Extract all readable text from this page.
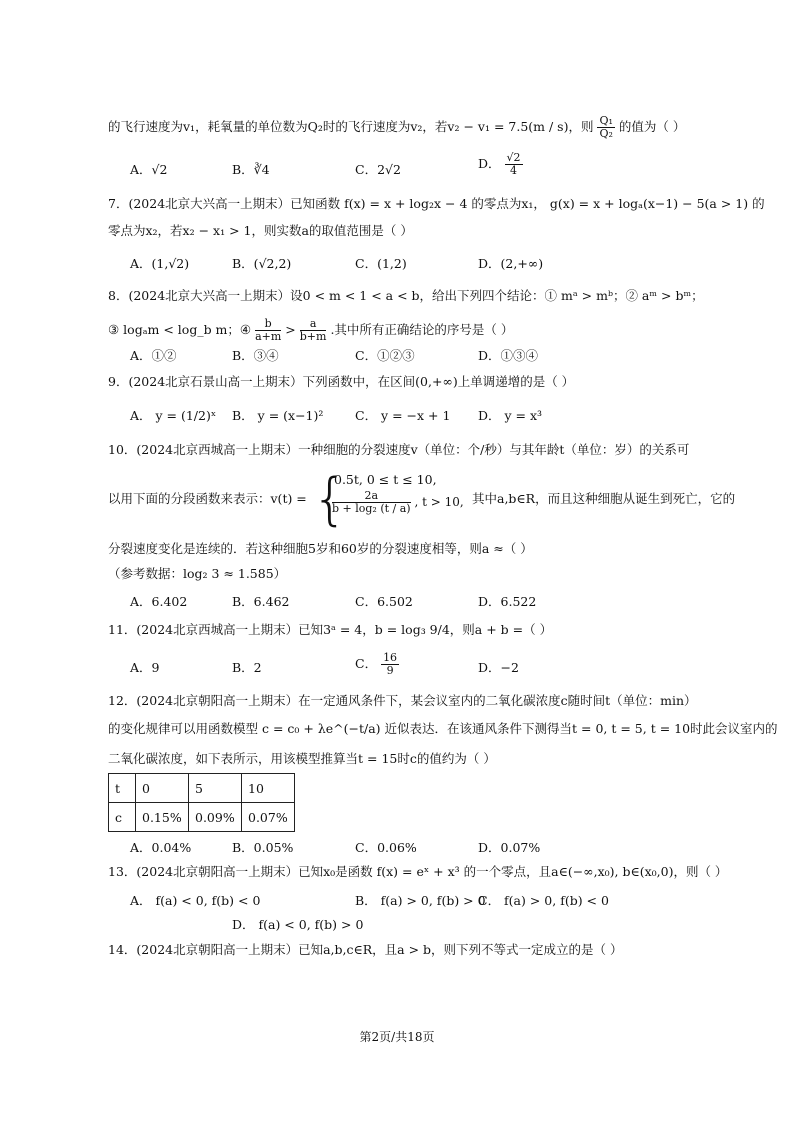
的飞行速度为v₁，耗氧量的单位数为Q₂时的飞行速度为v₂，若v₂ − v₁ = 7.5(m / s)，则 $\frac{\text{Q₁}}{\text{Q₂}}$ 的值为（ ）
A．√2	B．∛4	C．2√2	D． $\frac{√2}{4}$
7．(2024北京大兴高一上期末）已知函数 f(x) = x + log₂x − 4 的零点为x₁， g(x) = x + logₐ(x−1) − 5(a > 1) 的
零点为x₂，若x₂ − x₁ > 1，则实数a的取值范围是（ ）
A．(1,√2)	B．(√2,2)	C．(1,2)	D．(2,+∞)
8．(2024北京大兴高一上期末）设0 < m < 1 < a < b，给出下列四个结论：① mᵃ > mᵇ；② aᵐ > bᵐ；
③ logₐm < log_b m；④ $\frac{b}{a+m} > \frac{a}{b+m}$ .其中所有正确结论的序号是（ ）
A．①②	B．③④	C．①②③	D．①③④
9．(2024北京石景山高一上期末）下列函数中，在区间(0,+∞)上单调递增的是（ ）
A． y = (1/2)ˣ B． y = (x−1)²	C． y = −x + 1 D． y = x³
10．(2024北京西城高一上期末）一种细胞的分裂速度v（单位：个/秒）与其年龄t（单位：岁）的关系可
以用下面的分段函数来表示：v(t) = {
0.5t, 0 ≤ t ≤ 10,
$\frac{2a}{\text{b + log₂ (t / a)}}$ , t > 10, 其中a,b∈R，而且这种细胞从诞生到死亡，它的
分裂速度变化是连续的．若这种细胞5岁和60岁的分裂速度相等，则a ≈（ ）
（参考数据：log₂ 3 ≈ 1.585）
A．6.402	B．6.462	C．6.502	D．6.522
11．(2024北京西城高一上期末）已知3ᵃ = 4，b = log₃ 9/4，则a + b =（ ）
A．9	B．2	C． $\frac{16}{9}$	D．−2
12．(2024北京朝阳高一上期末）在一定通风条件下，某会议室内的二氧化碳浓度c随时间t（单位：min）
的变化规律可以用函数模型 c = c₀ + λe^(−t/a) 近似表达．在该通风条件下测得当t = 0, t = 5, t = 10时此会议室内的
二氧化碳浓度，如下表所示，用该模型推算当t = 15时c的值约为（ ）
t	0	5	10
c	0.15%	0.09%	0.07%
A．0.04%	B．0.05%	C．0.06%	D．0.07%
13．(2024北京朝阳高一上期末）已知x₀是函数 f(x) = eˣ + x³ 的一个零点，且a∈(−∞,x₀), b∈(x₀,0)，则（ ）
A． f(a) < 0, f(b) < 0	B． f(a) > 0, f(b) > 0
C． f(a) > 0, f(b) < 0
D． f(a) < 0, f(b) > 0
14．(2024北京朝阳高一上期末）已知a,b,c∈R，且a > b，则下列不等式一定成立的是（ ）
第2页/共18页
